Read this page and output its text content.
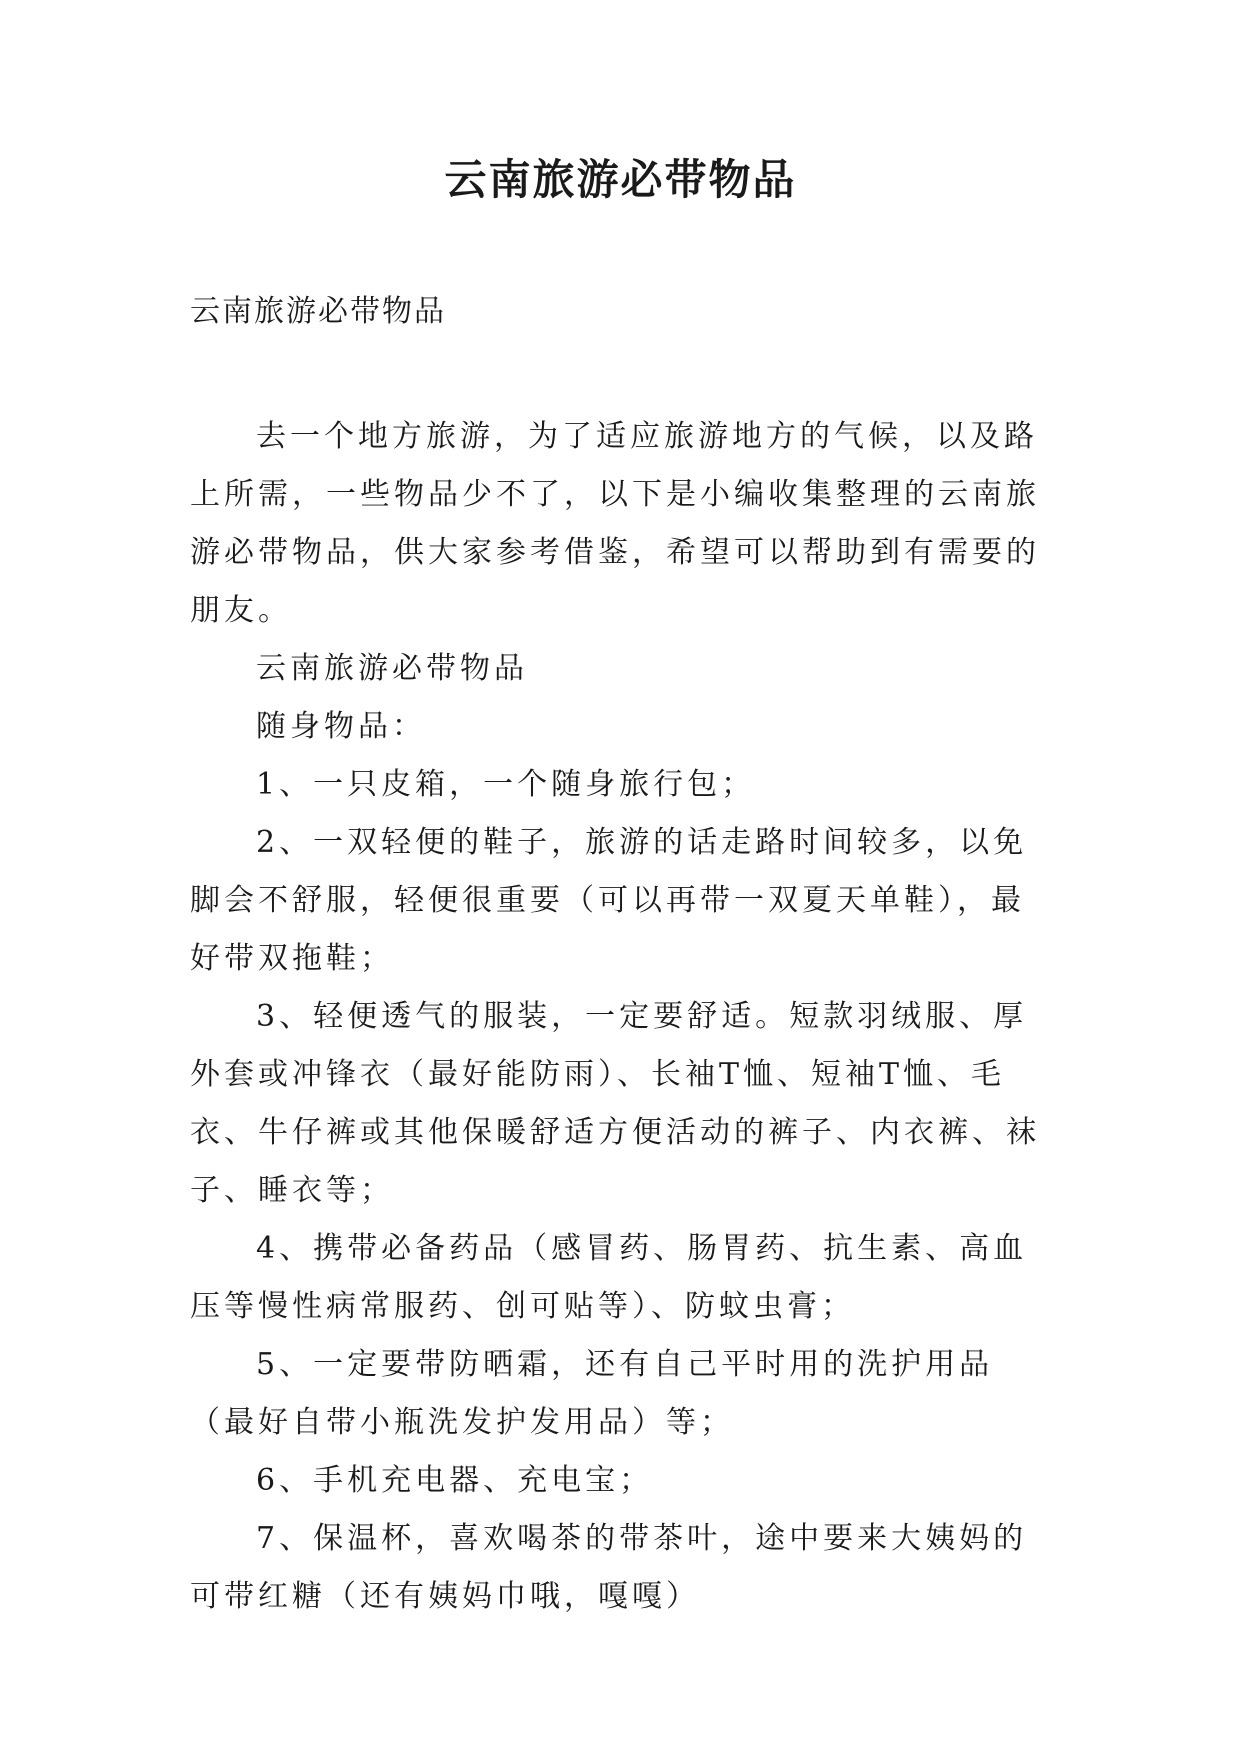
云南旅游必带物品
云南旅游必带物品

去一个地方旅游，为了适应旅游地方的气候，以及路上所需，一些物品少不了，以下是小编收集整理的云南旅游必带物品，供大家参考借鉴，希望可以帮助到有需要的朋友。

云南旅游必带物品

随身物品：

1、一只皮箱，一个随身旅行包；

2、一双轻便的鞋子，旅游的话走路时间较多，以免脚会不舒服，轻便很重要（可以再带一双夏天单鞋），最好带双拖鞋；

3、轻便透气的服装，一定要舒适。短款羽绒服、厚外套或冲锋衣（最好能防雨）、长袖T恤、短袖T恤、毛衣、牛仔裤或其他保暖舒适方便活动的裤子、内衣裤、袜子、睡衣等；

4、携带必备药品（感冒药、肠胃药、抗生素、高血压等慢性病常服药、创可贴等）、防蚊虫膏；

5、一定要带防晒霜，还有自己平时用的洗护用品（最好自带小瓶洗发护发用品）等；

6、手机充电器、充电宝；

7、保温杯，喜欢喝茶的带茶叶，途中要来大姨妈的可带红糖（还有姨妈巾哦，嘎嘎）
